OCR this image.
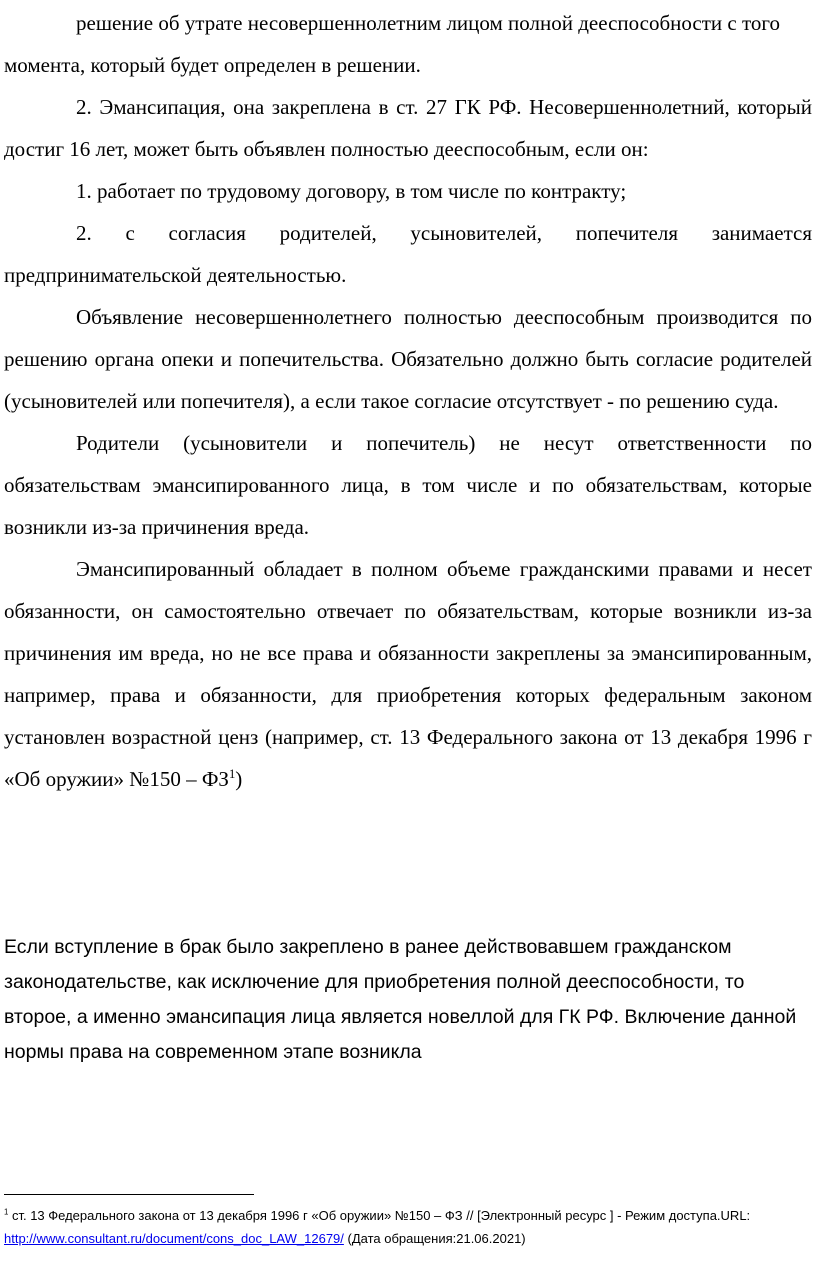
решение об утрате несовершеннолетним лицом полной дееспособности с того момента, который будет определен в решении.

2. Эмансипация, она закреплена в ст. 27 ГК РФ. Несовершеннолетний, который достиг 16 лет, может быть объявлен полностью дееспособным, если он:

1. работает по трудовому договору, в том числе по контракту;

2. с согласия родителей, усыновителей, попечителя занимается предпринимательской деятельностью.

Объявление несовершеннолетнего полностью дееспособным производится по решению органа опеки и попечительства. Обязательно должно быть согласие родителей (усыновителей или попечителя), а если такое согласие отсутствует - по решению суда.

Родители (усыновители и попечитель) не несут ответственности по обязательствам эмансипированного лица, в том числе и по обязательствам, которые возникли из-за причинения вреда.

Эмансипированный обладает в полном объеме гражданскими правами и несет обязанности, он самостоятельно отвечает по обязательствам, которые возникли из-за причинения им вреда, но не все права и обязанности закреплены за эмансипированным, например, права и обязанности, для приобретения которых федеральным законом установлен возрастной ценз (например, ст. 13 Федерального закона от 13 декабря 1996 г «Об оружии» №150 – $ФЗ^1$)

Если вступление в брак было закреплено в ранее действовавшем гражданском законодательстве, как исключение для приобретения полной дееспособности, то второе, а именно эмансипация лица является новеллой для ГК РФ. Включение данной нормы права на современном этапе возникла

$^1$ ст. 13 Федерального закона от 13 декабря 1996 г «Об оружии» №150 – ФЗ // [Электронный ресурс ] - Режим доступа.URL: http://www.consultant.ru/document/cons_doc_LAW_12679/ (Дата обращения:21.06.2021)
